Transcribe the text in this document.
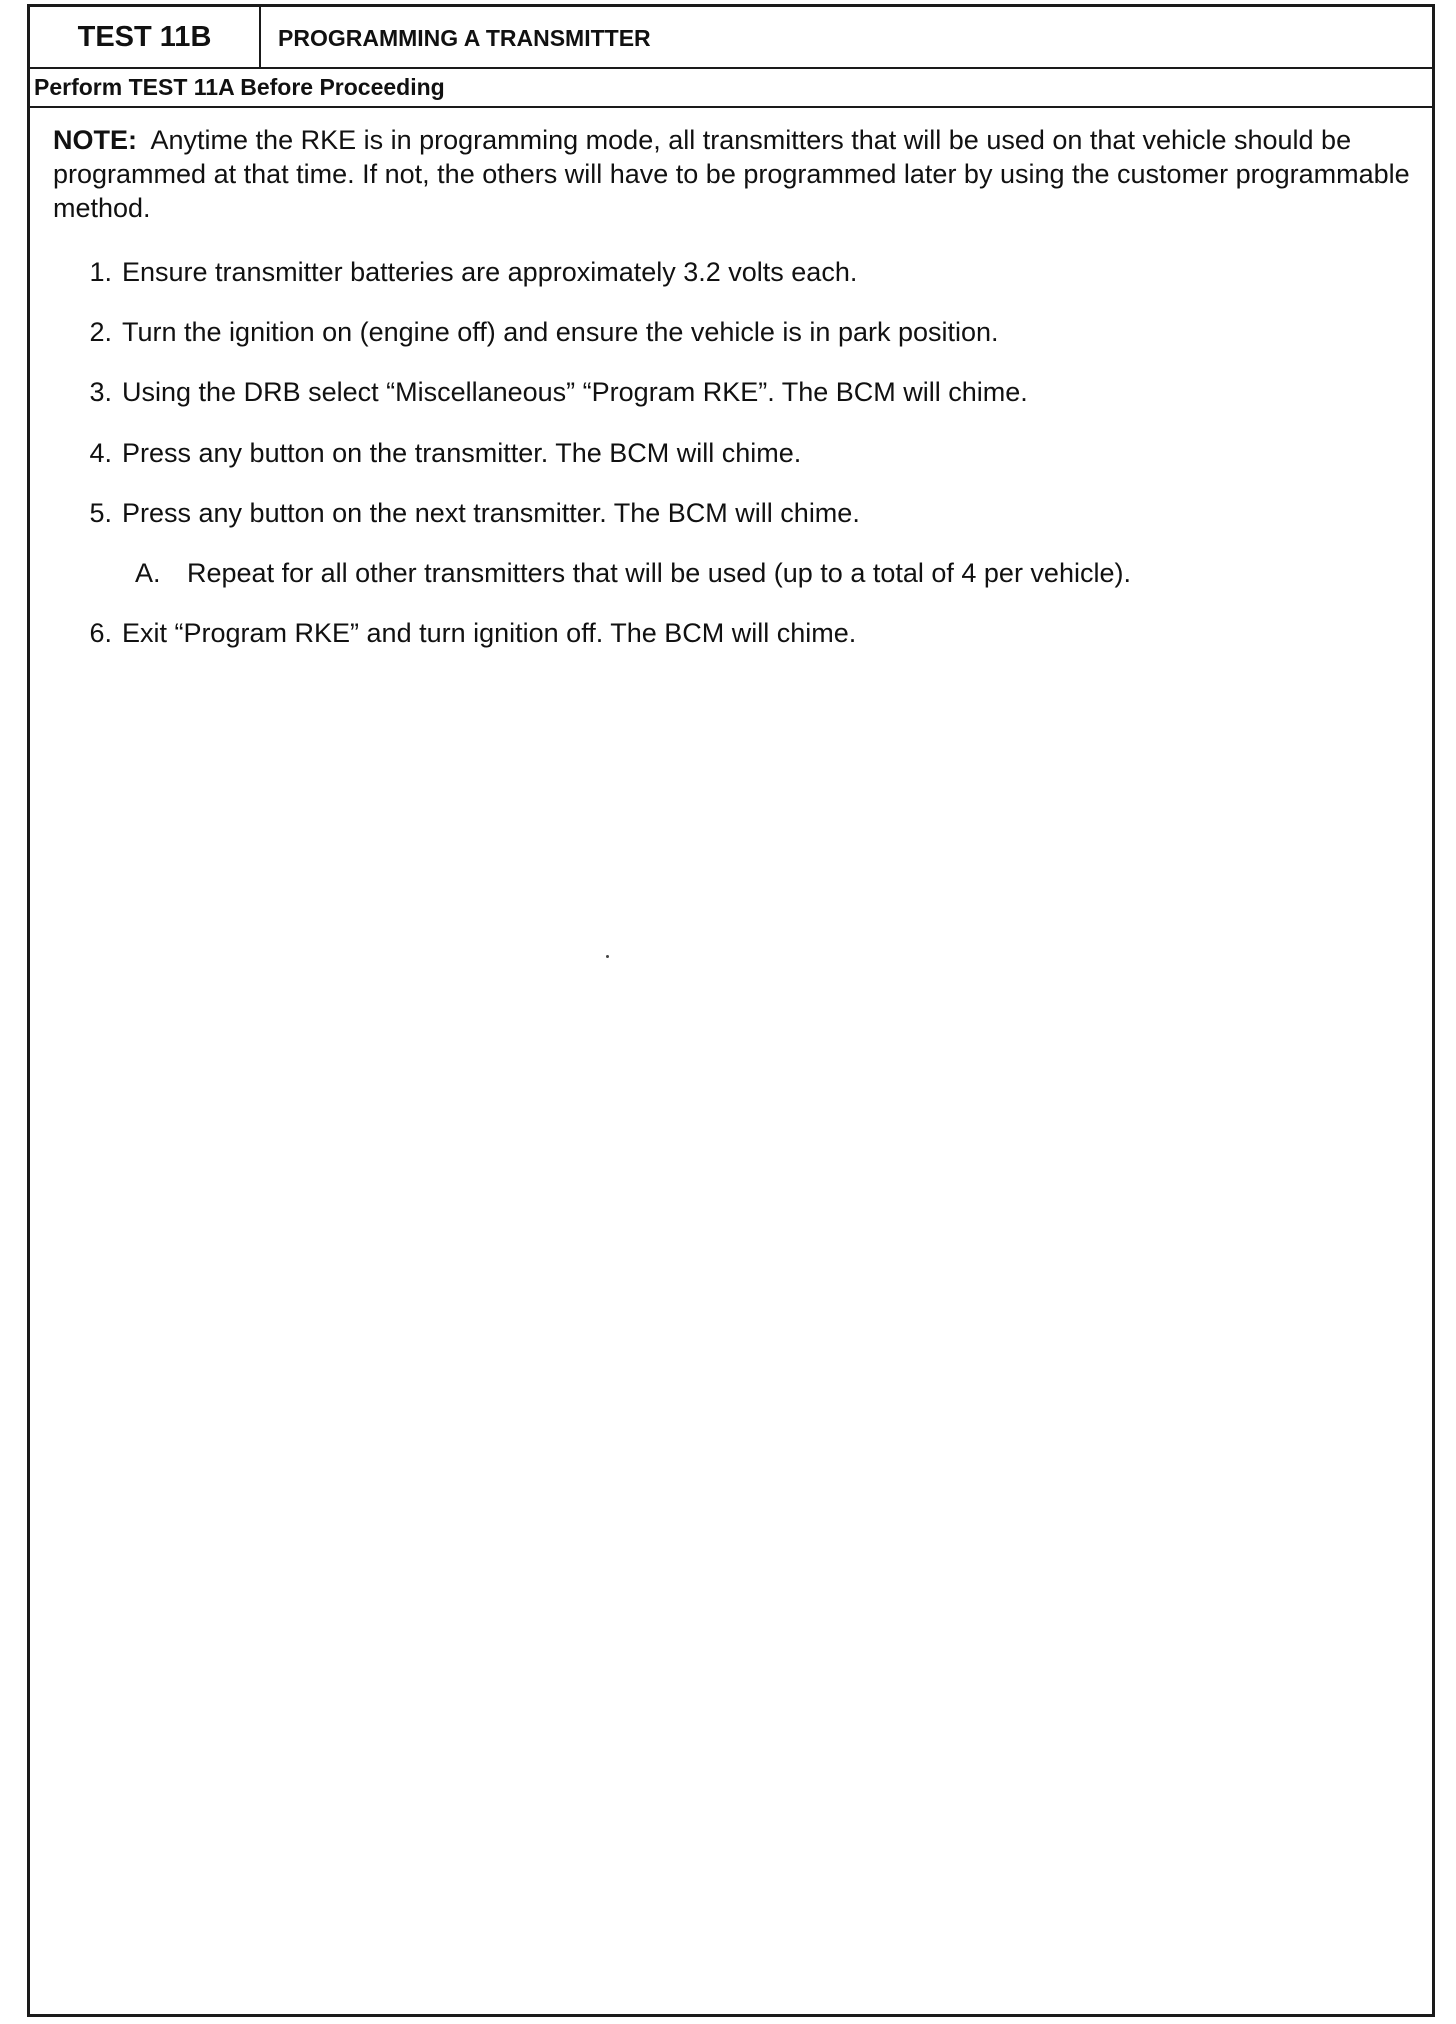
TEST 11B	PROGRAMMING A TRANSMITTER
Perform TEST 11A Before Proceeding
NOTE: Anytime the RKE is in programming mode, all transmitters that will be used on that vehicle should be programmed at that time. If not, the others will have to be programmed later by using the customer programmable method.
1. Ensure transmitter batteries are approximately 3.2 volts each.
2. Turn the ignition on (engine off) and ensure the vehicle is in park position.
3. Using the DRB select “Miscellaneous” “Program RKE”. The BCM will chime.
4. Press any button on the transmitter. The BCM will chime.
5. Press any button on the next transmitter. The BCM will chime.
A. Repeat for all other transmitters that will be used (up to a total of 4 per vehicle).
6. Exit “Program RKE” and turn ignition off. The BCM will chime.
